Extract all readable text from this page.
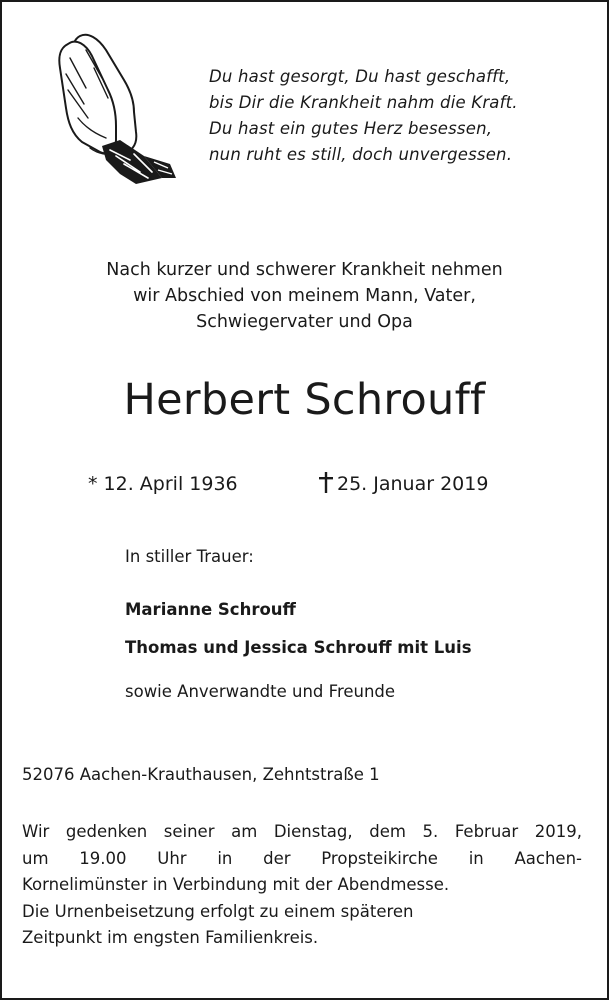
Du hast gesorgt, Du hast geschafft,
bis Dir die Krankheit nahm die Kraft.
Du hast ein gutes Herz besessen,
nun ruht es still, doch unvergessen.
Nach kurzer und schwerer Krankheit nehmen
wir Abschied von meinem Mann, Vater,
Schwiegervater und Opa
Herbert Schrouff
* 12. April 1936	25. Januar 2019
In stiller Trauer:
Marianne Schrouff
Thomas und Jessica Schrouff mit Luis
sowie Anverwandte und Freunde
52076 Aachen-Krauthausen, Zehntstraße 1
Wir gedenken seiner am Dienstag, dem 5. Februar 2019,
um 19.00 Uhr in der Propsteikirche in Aachen-
Kornelimünster in Verbindung mit der Abendmesse.
Die Urnenbeisetzung erfolgt zu einem späteren
Zeitpunkt im engsten Familienkreis.
